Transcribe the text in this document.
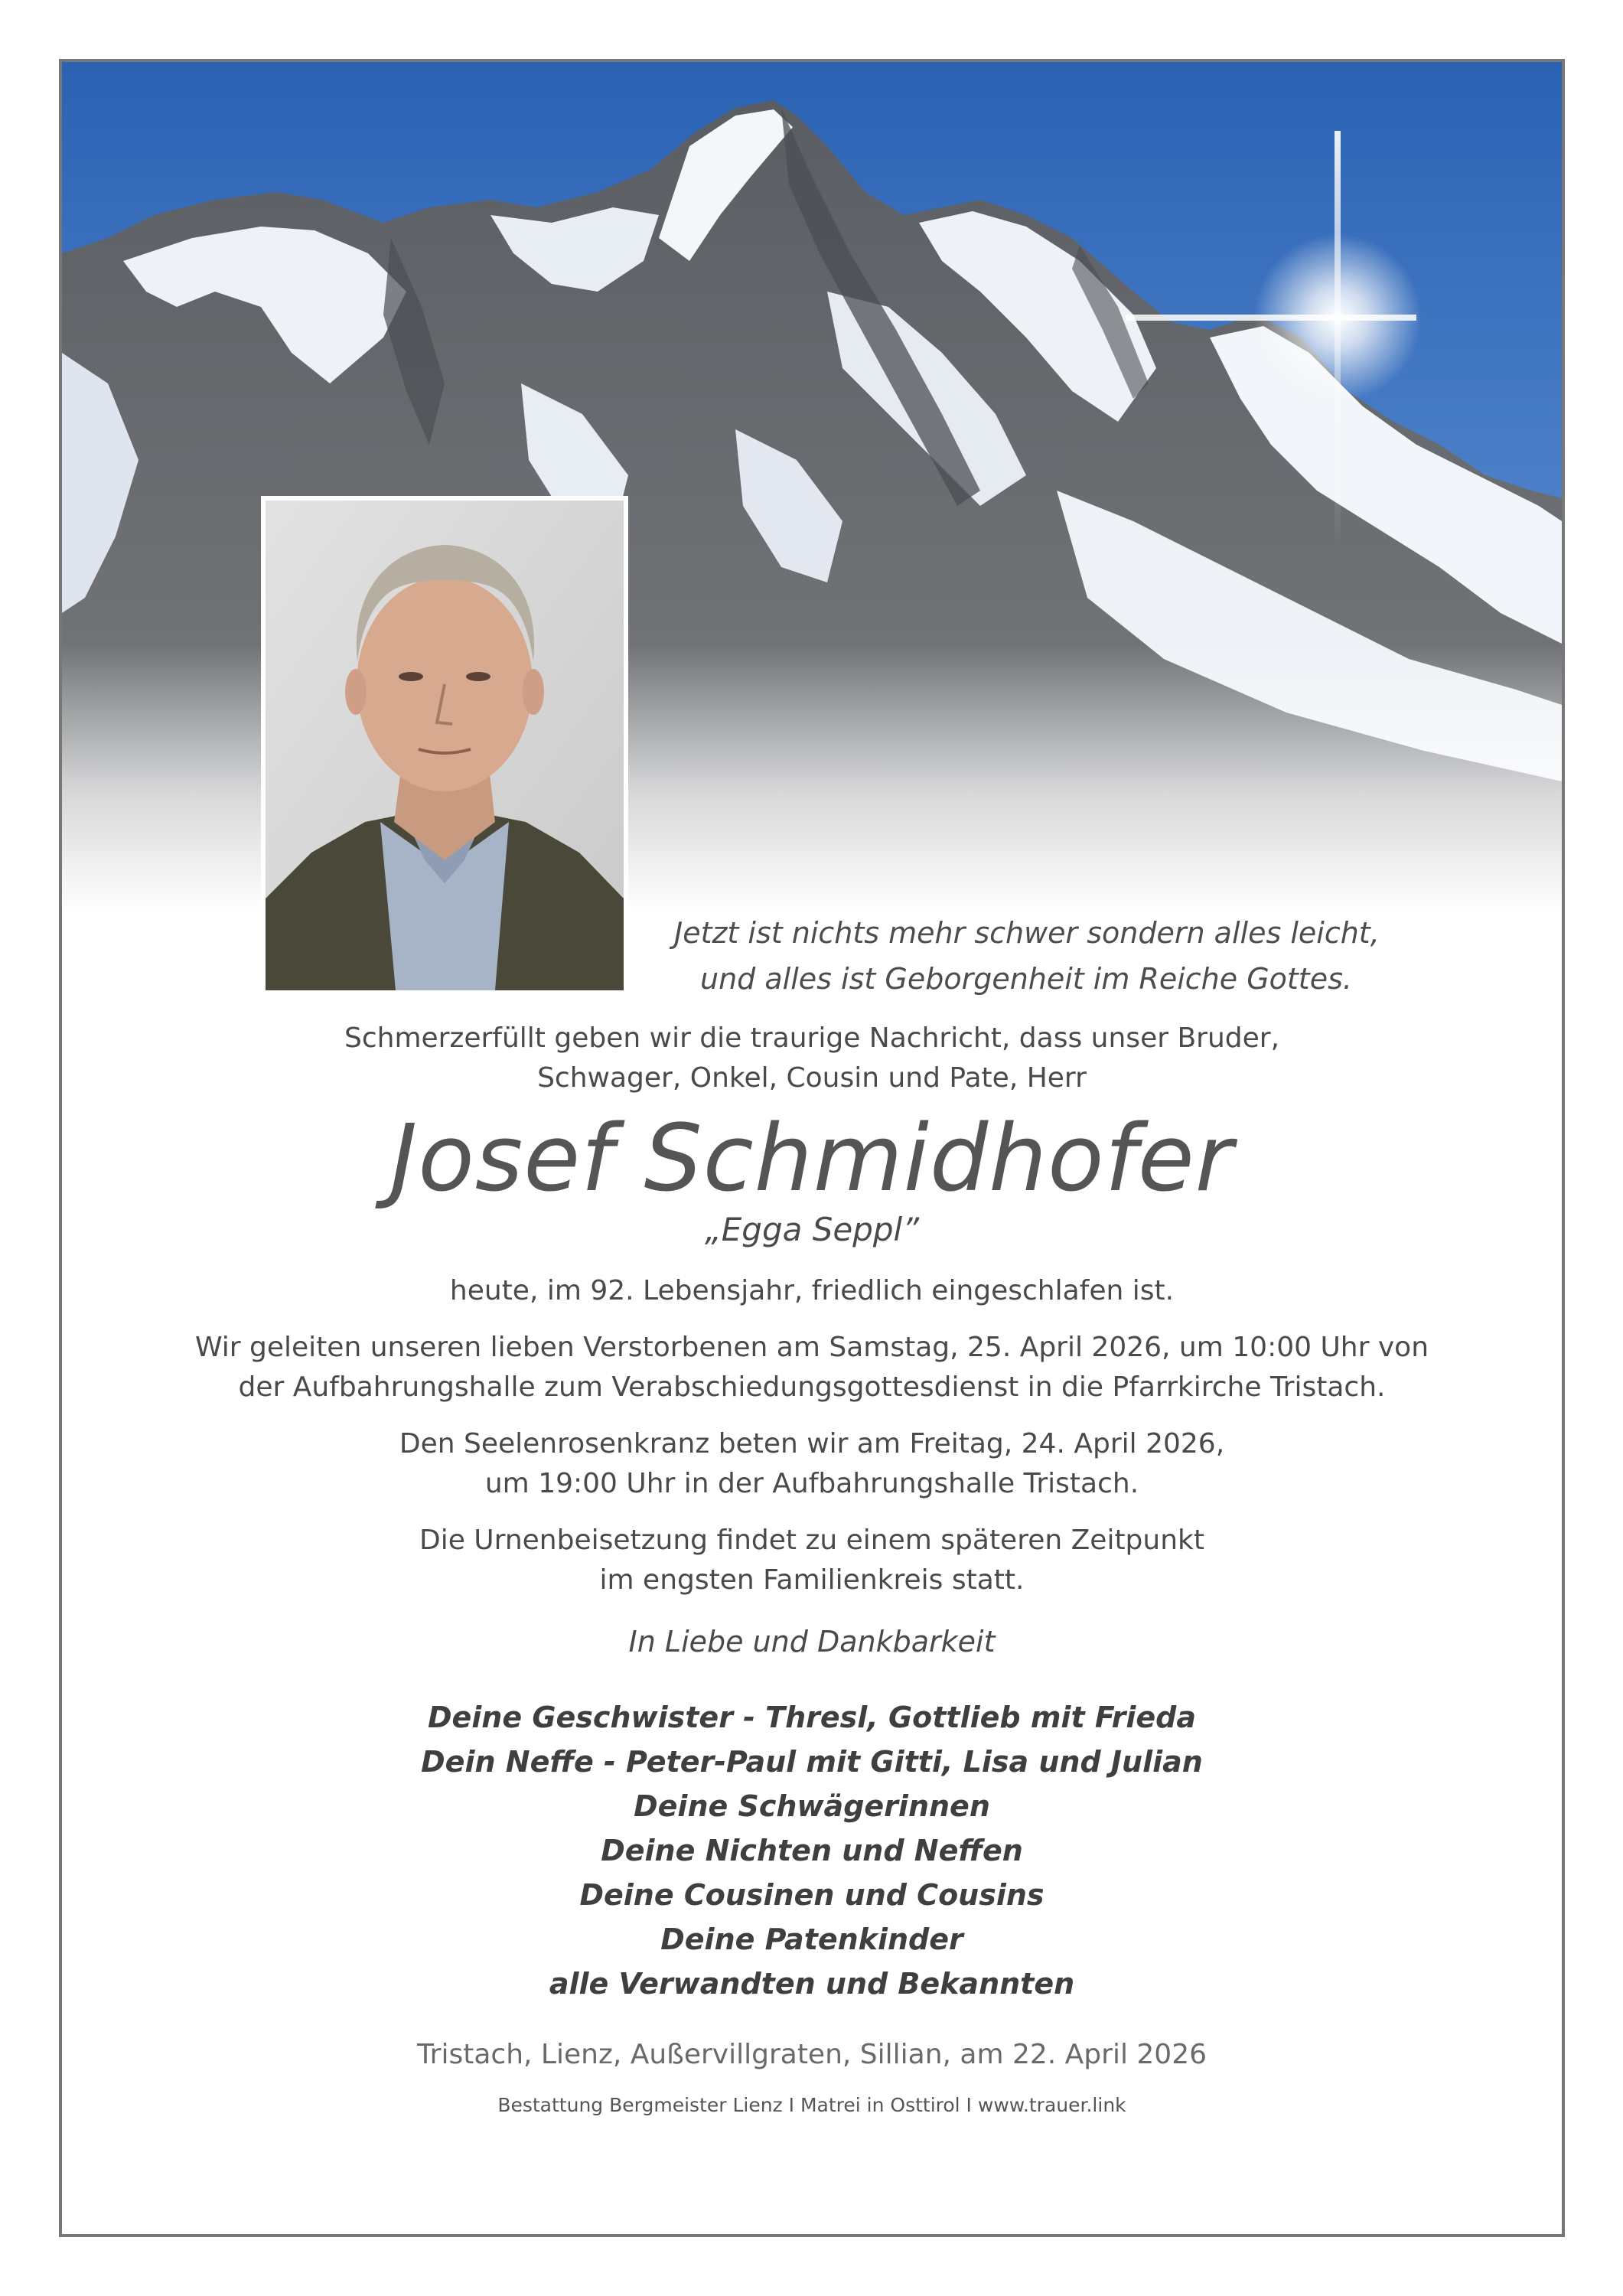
Jetzt ist nichts mehr schwer sondern alles leicht,
und alles ist Geborgenheit im Reiche Gottes.
Schmerzerfüllt geben wir die traurige Nachricht, dass unser Bruder,
Schwager, Onkel, Cousin und Pate, Herr
Josef Schmidhofer
„Egga Seppl”
heute, im 92. Lebensjahr, friedlich eingeschlafen ist.
Wir geleiten unseren lieben Verstorbenen am Samstag, 25. April 2026, um 10:00 Uhr von
der Aufbahrungshalle zum Verabschiedungsgottesdienst in die Pfarrkirche Tristach.
Den Seelenrosenkranz beten wir am Freitag, 24. April 2026,
um 19:00 Uhr in der Aufbahrungshalle Tristach.
Die Urnenbeisetzung findet zu einem späteren Zeitpunkt
im engsten Familienkreis statt.
In Liebe und Dankbarkeit
Deine Geschwister - Thresl, Gottlieb mit Frieda
Dein Neffe - Peter-Paul mit Gitti, Lisa und Julian
Deine Schwägerinnen
Deine Nichten und Neffen
Deine Cousinen und Cousins
Deine Patenkinder
alle Verwandten und Bekannten
Tristach, Lienz, Außervillgraten, Sillian, am 22. April 2026
Bestattung Bergmeister Lienz I Matrei in Osttirol I www.trauer.link
